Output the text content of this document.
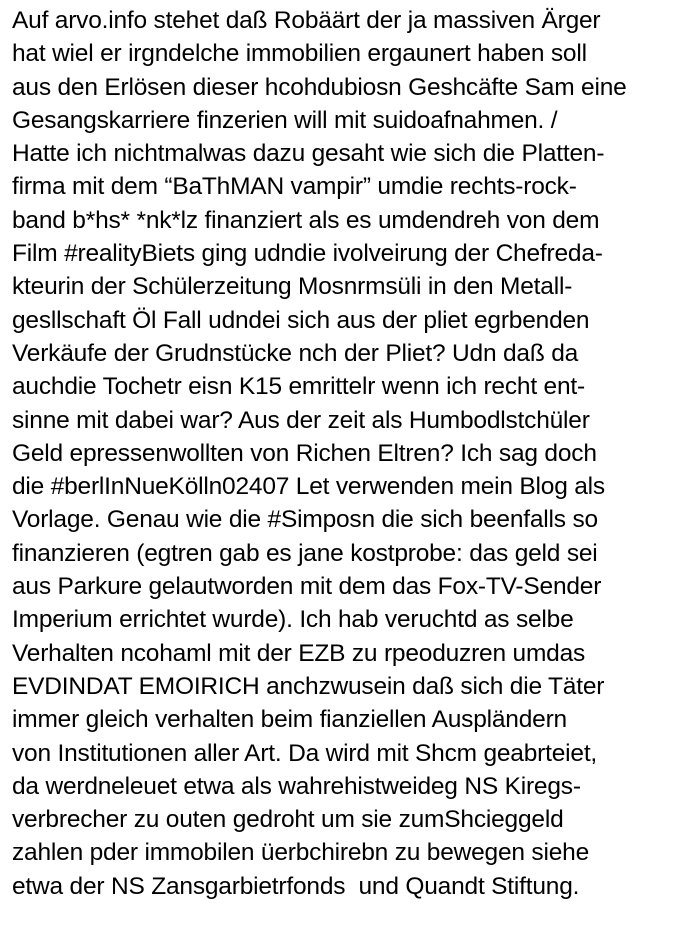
Auf arvo.info stehet daß Robäärt der ja massiven Ärger
hat wiel er irgndelche immobilien ergaunert haben soll
aus den Erlösen dieser hcohdubiosn Geshcäfte Sam eine
Gesangskarriere finzerien will mit suidoafnahmen. /
Hatte ich nichtmalwas dazu gesaht wie sich die Platten-
firma mit dem “BaThMAN vampir” umdie rechts-rock-
band b*hs* *nk*lz finanziert als es umdendreh von dem
Film #realityBiets ging udndie ivolveirung der Chefreda-
kteurin der Schülerzeitung Mosnrmsüli in den Metall-
gesllschaft Öl Fall udndei sich aus der pliet egrbenden
Verkäufe der Grudnstücke nch der Pliet? Udn daß da
auchdie Tochetr eisn K15 emrittelr wenn ich recht ent-
sinne mit dabei war? Aus der zeit als Humbodlstchüler
Geld epressenwollten von Richen Eltren? Ich sag doch
die #berlInNueKölln02407 Let verwenden mein Blog als
Vorlage. Genau wie die #Simposn die sich beenfalls so
finanzieren (egtren gab es jane kostprobe: das geld sei
aus Parkure gelautworden mit dem das Fox-TV-Sender
Imperium errichtet wurde). Ich hab veruchtd as selbe
Verhalten ncohaml mit der EZB zu rpeoduzren umdas
EVDINDAT EMOIRICH anchzwusein daß sich die Täter
immer gleich verhalten beim fianziellen Auspländern
von Institutionen aller Art. Da wird mit Shcm geabrteiet,
da werdneleuet etwa als wahrehistweideg NS Kiregs-
verbrecher zu outen gedroht um sie zumShcieggeld
zahlen pder immobilen üerbchirebn zu bewegen siehe
etwa der NS Zansgarbietrfonds  und Quandt Stiftung.
